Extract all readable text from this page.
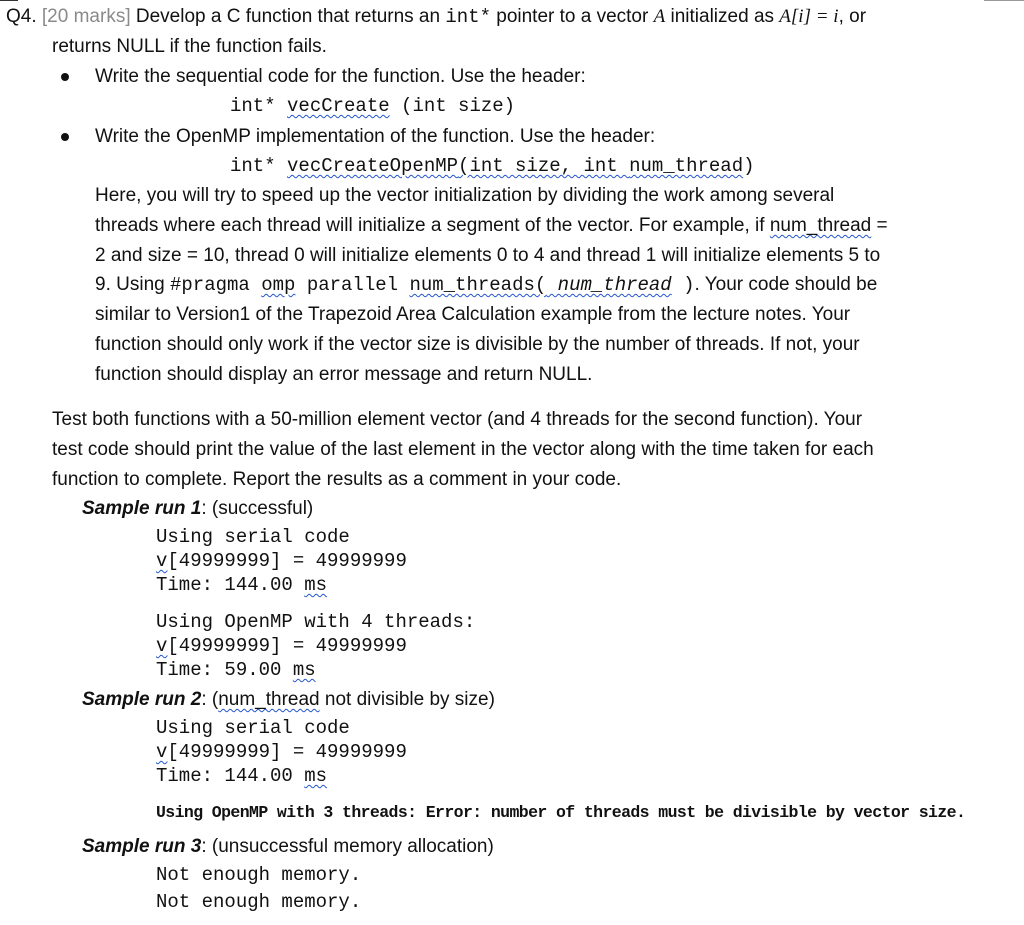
Q4. [20 marks] Develop a C function that returns an int* pointer to a vector A initialized as A[i] = i, or
returns NULL if the function fails.
Write the sequential code for the function. Use the header:
int* vecCreate (int size)
Write the OpenMP implementation of the function. Use the header:
int* vecCreateOpenMP(int size, int num_thread)
Here, you will try to speed up the vector initialization by dividing the work among several
threads where each thread will initialize a segment of the vector. For example, if num_thread =
2 and size = 10, thread 0 will initialize elements 0 to 4 and thread 1 will initialize elements 5 to
9. Using #pragma omp parallel num_threads( num_thread ). Your code should be
similar to Version1 of the Trapezoid Area Calculation example from the lecture notes. Your
function should only work if the vector size is divisible by the number of threads. If not, your
function should display an error message and return NULL.
Test both functions with a 50-million element vector (and 4 threads for the second function). Your
test code should print the value of the last element in the vector along with the time taken for each
function to complete. Report the results as a comment in your code.
Sample run 1: (successful)
Using serial code
v[49999999] = 49999999
Time: 144.00 ms
Using OpenMP with 4 threads:
v[49999999] = 49999999
Time: 59.00 ms
Sample run 2: (num_thread not divisible by size)
Using serial code
v[49999999] = 49999999
Time: 144.00 ms
Using OpenMP with 3 threads: Error: number of threads must be divisible by vector size.
Sample run 3: (unsuccessful memory allocation)
Not enough memory.
Not enough memory.
